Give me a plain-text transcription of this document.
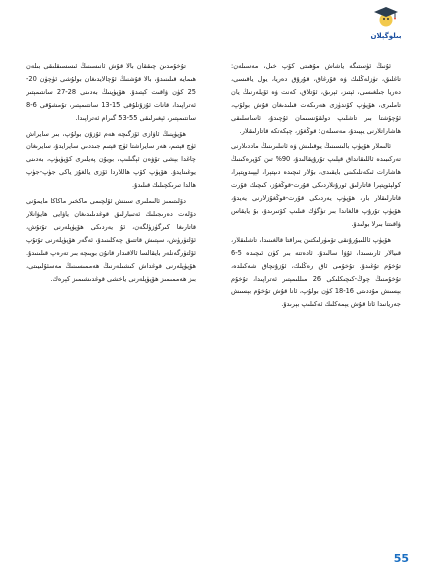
بىلوگېلان

ئۇنىڭ ئۈستىگە ياشاش مۇھىتى كۆپ خىل، مەسىلەن: تاغلىق، تۈزلەڭلىك ۋە قۇرغاق، قۇرۇق دەريا، يول ياقىسى، دەريا جىلغىسى، ئېتىز، ئېرىق، ئۆتلاق، كەنت ۋە ئۆيلەرنىڭ يان تاملىرى، ھۆپۈپ كۆندۈزى ھەرىكەت قىلىدىغان قۇش بولۇپ، ئۇچۇشتا بىر تاشلىپ دولقۇنسىمان ئۇچىدۇ، ئاساسلىقى ھاشاراتلارنى يېيىدۇ، مەسىلەن: قوڭغۇز، چېكەتكە قاتارلىقلار.

ئالىملار ھۆپۈپ بالىسىنىڭ يوقىلىش ۋە ئانىلىرىنىڭ ماددىلارنى تەركىبىدە ئاللىقانداق قېلىپ تۇرۇپقالىدۇ، 90% تىن كۆپرەكىنىڭ ھاشارات ئىكەنلىكىنى بايقىدى، بۇلار ئىچىدە دىپتېرا، لېپىدوپتېرا، كولېئوپتېرا قاتارلىق ئورۇنلاردىكى قۇرت-قوڭغۇز، كىچىك قۇرت قاتارلىقلار بار، ھۆپۈپ يەردىكى قۇرت-قوڭغۇزلارنى يەيدۇ، ھۆپۈپ تۇرۇپ قالغاندا بىر تۈگۈك قىلىپ كۆتىرىدۇ، بۇ يايقاس ۋاقىتتا بىرلا بولىدۇ.

ھۆپۈپ ئاللىبۇرۇنقى تۆمۈرلىكتىن يىراقتا قالغىنىدا، تاشلىقلار، قىيالار ئارىسىدا، ئۇۋا سالىدۇ. ئادەتتە بىر كۈن ئىچىدە 5-6 تۇخۇم تۇغىدۇ. تۇخۇمى ئاق رەڭلىك، ئۇزۇنچاق شەكىلدە، تۇخۇمنىڭ چوڭ-كىچىكلىكى 26 مىللىمېتىر ئەتراپىدا، تۇخۇم بېسىش مۇددىتى 16-18 كۈن بولۇپ، ئانا قۇش تۇخۇم بېسىش جەريانىدا ئاتا قۇش يېمەكلىك ئەكىلىپ بېرىدۇ.

تۇخۇمدىن چىققان بالا قۇش ئانىسىنىڭ ئىسسىقلىقى بىلەن ھىمايە قىلىنىدۇ، بالا قۇشنىڭ ئۇچالايدىغان بولۇشى ئۈچۈن 20-25 كۈن ۋاقىت كېتىدۇ. ھۆپۈپنىڭ بەدىنى 28-27 سانتىمېتىر ئەتراپىدا، قانات ئۇزۇنلۇقى 15-13 سانتىمېتىر، تۇمشۇقى 6-8 سانتىمېتىر، ئېغىرلىقى 55-53 گىرام ئەتراپىدا.

ھۆپۈپنىڭ ئاۋازى ئۆزگىچە ھەم ئۇزۇن بولۇپ، بىر سايراش ئۈچ قېتىم، ھەر سايراشتا ئۈچ قېتىم جىددىي سايرايدۇ، سايرىغان چاغدا بېشى تۆۋەن ئېگىلىپ، بويۇن پەيلىرى كۆپۈيۈپ، بەدىنى يوغىنايدۇ. ھۆپۈپ كۆپ ھاللاردا ئۆزى يالغۇز ياكى جۈپ-جۈپ ھالدا تىرىكچىلىك قىلىدۇ.

دۆلىتىمىز ئالىملىرى سىنش ئۆلچىمى ماكخىر ماكاكا مايمۇنى دۆلەت دەرىجىلىك ئەتىبارلىق قوغدىلىدىغان ياۋايى ھايۋانلار قاتارىغا كىرگۈزۈلگەن، ئۇ يەردىكى ھۆپۈپلەرنى تۇتۇش، ئۆلتۈرۈش، سېتىش قاتتىق چەكلىنىدۇ، ئەگەر ھۆپۈپلەرنى تۇتۇپ ئۆلتۈرگەنلەر بايقالسا ئالاقىدار قانۇن بويىچە بىر تەرەپ قىلىنىدۇ. ھۆپۈپلەرنى قوغداش كىشىلەرنىڭ ھەممىسىنىڭ مەسئۇلىيىتى، بىز ھەممىمىز ھۆپۈپلەرنى ياخشى قوغدىشىمىز كېرەك.

55
